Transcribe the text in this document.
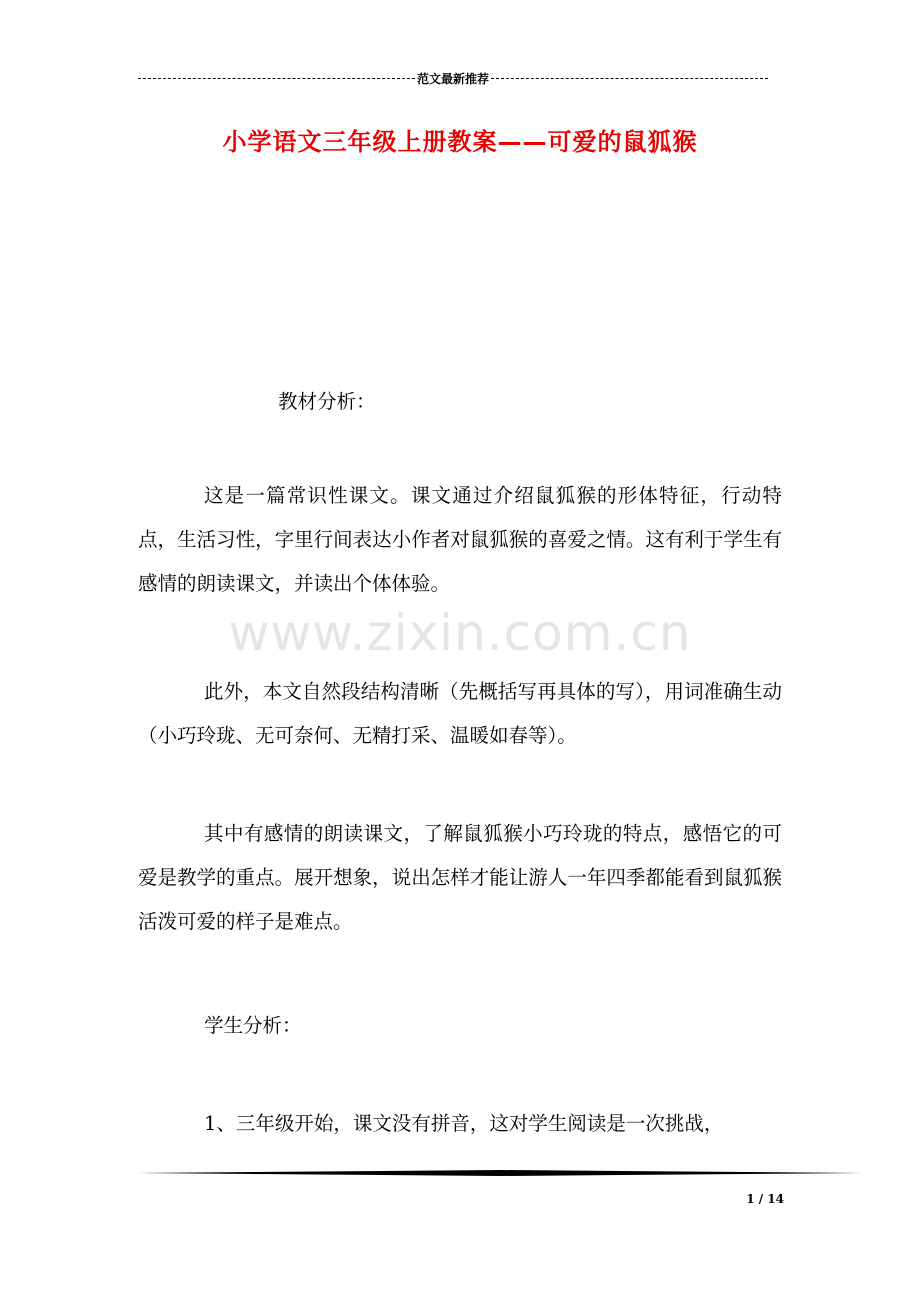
范文最新推荐
小学语文三年级上册教案——可爱的鼠狐猴

教材分析：

这是一篇常识性课文。课文通过介绍鼠狐猴的形体特征，行动特点，生活习性，字里行间表达小作者对鼠狐猴的喜爱之情。这有利于学生有感情的朗读课文，并读出个体体验。

www.zixin.com.cn

此外，本文自然段结构清晰（先概括写再具体的写），用词准确生动（小巧玲珑、无可奈何、无精打采、温暖如春等）。

其中有感情的朗读课文，了解鼠狐猴小巧玲珑的特点，感悟它的可爱是教学的重点。展开想象，说出怎样才能让游人一年四季都能看到鼠狐猴活泼可爱的样子是难点。

学生分析：

1、三年级开始，课文没有拼音，这对学生阅读是一次挑战，

1 / 14
